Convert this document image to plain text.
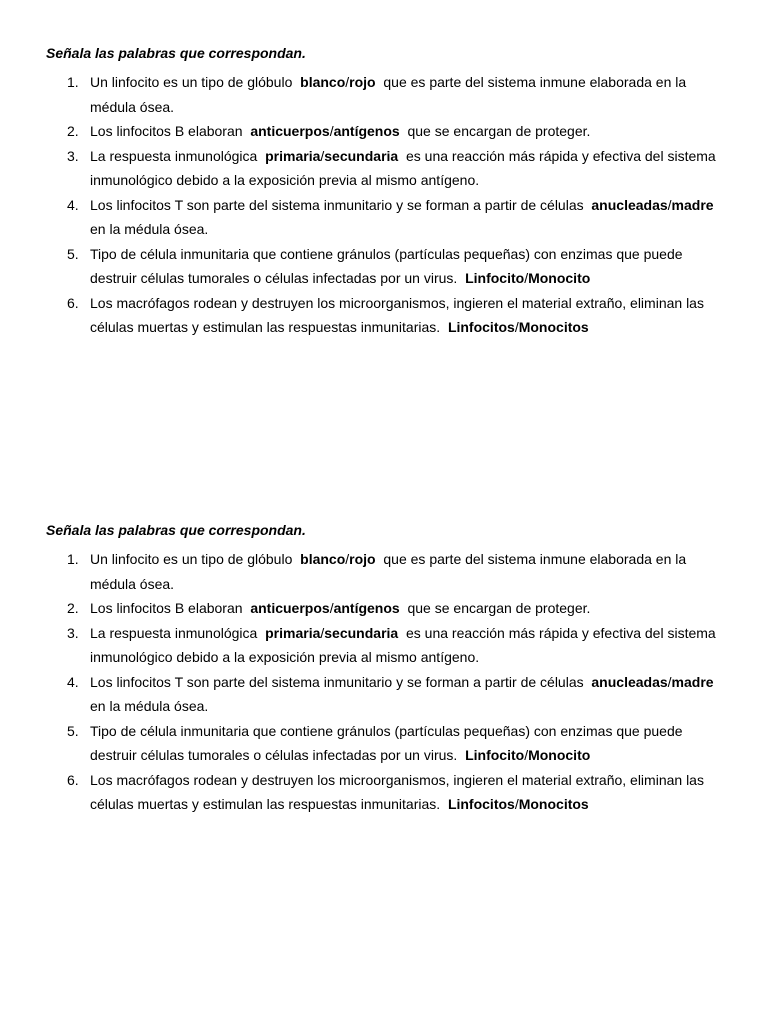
Señala las palabras que correspondan.
1. Un linfocito es un tipo de glóbulo blanco/rojo que es parte del sistema inmune elaborada en la médula ósea.
2. Los linfocitos B elaboran anticuerpos/antígenos que se encargan de proteger.
3. La respuesta inmunológica primaria/secundaria es una reacción más rápida y efectiva del sistema inmunológico debido a la exposición previa al mismo antígeno.
4. Los linfocitos T son parte del sistema inmunitario y se forman a partir de células anucleadas/madre en la médula ósea.
5. Tipo de célula inmunitaria que contiene gránulos (partículas pequeñas) con enzimas que puede destruir células tumorales o células infectadas por un virus. Linfocito/Monocito
6. Los macrófagos rodean y destruyen los microorganismos, ingieren el material extraño, eliminan las células muertas y estimulan las respuestas inmunitarias. Linfocitos/Monocitos
Señala las palabras que correspondan.
1. Un linfocito es un tipo de glóbulo blanco/rojo que es parte del sistema inmune elaborada en la médula ósea.
2. Los linfocitos B elaboran anticuerpos/antígenos que se encargan de proteger.
3. La respuesta inmunológica primaria/secundaria es una reacción más rápida y efectiva del sistema inmunológico debido a la exposición previa al mismo antígeno.
4. Los linfocitos T son parte del sistema inmunitario y se forman a partir de células anucleadas/madre en la médula ósea.
5. Tipo de célula inmunitaria que contiene gránulos (partículas pequeñas) con enzimas que puede destruir células tumorales o células infectadas por un virus. Linfocito/Monocito
6. Los macrófagos rodean y destruyen los microorganismos, ingieren el material extraño, eliminan las células muertas y estimulan las respuestas inmunitarias. Linfocitos/Monocitos
